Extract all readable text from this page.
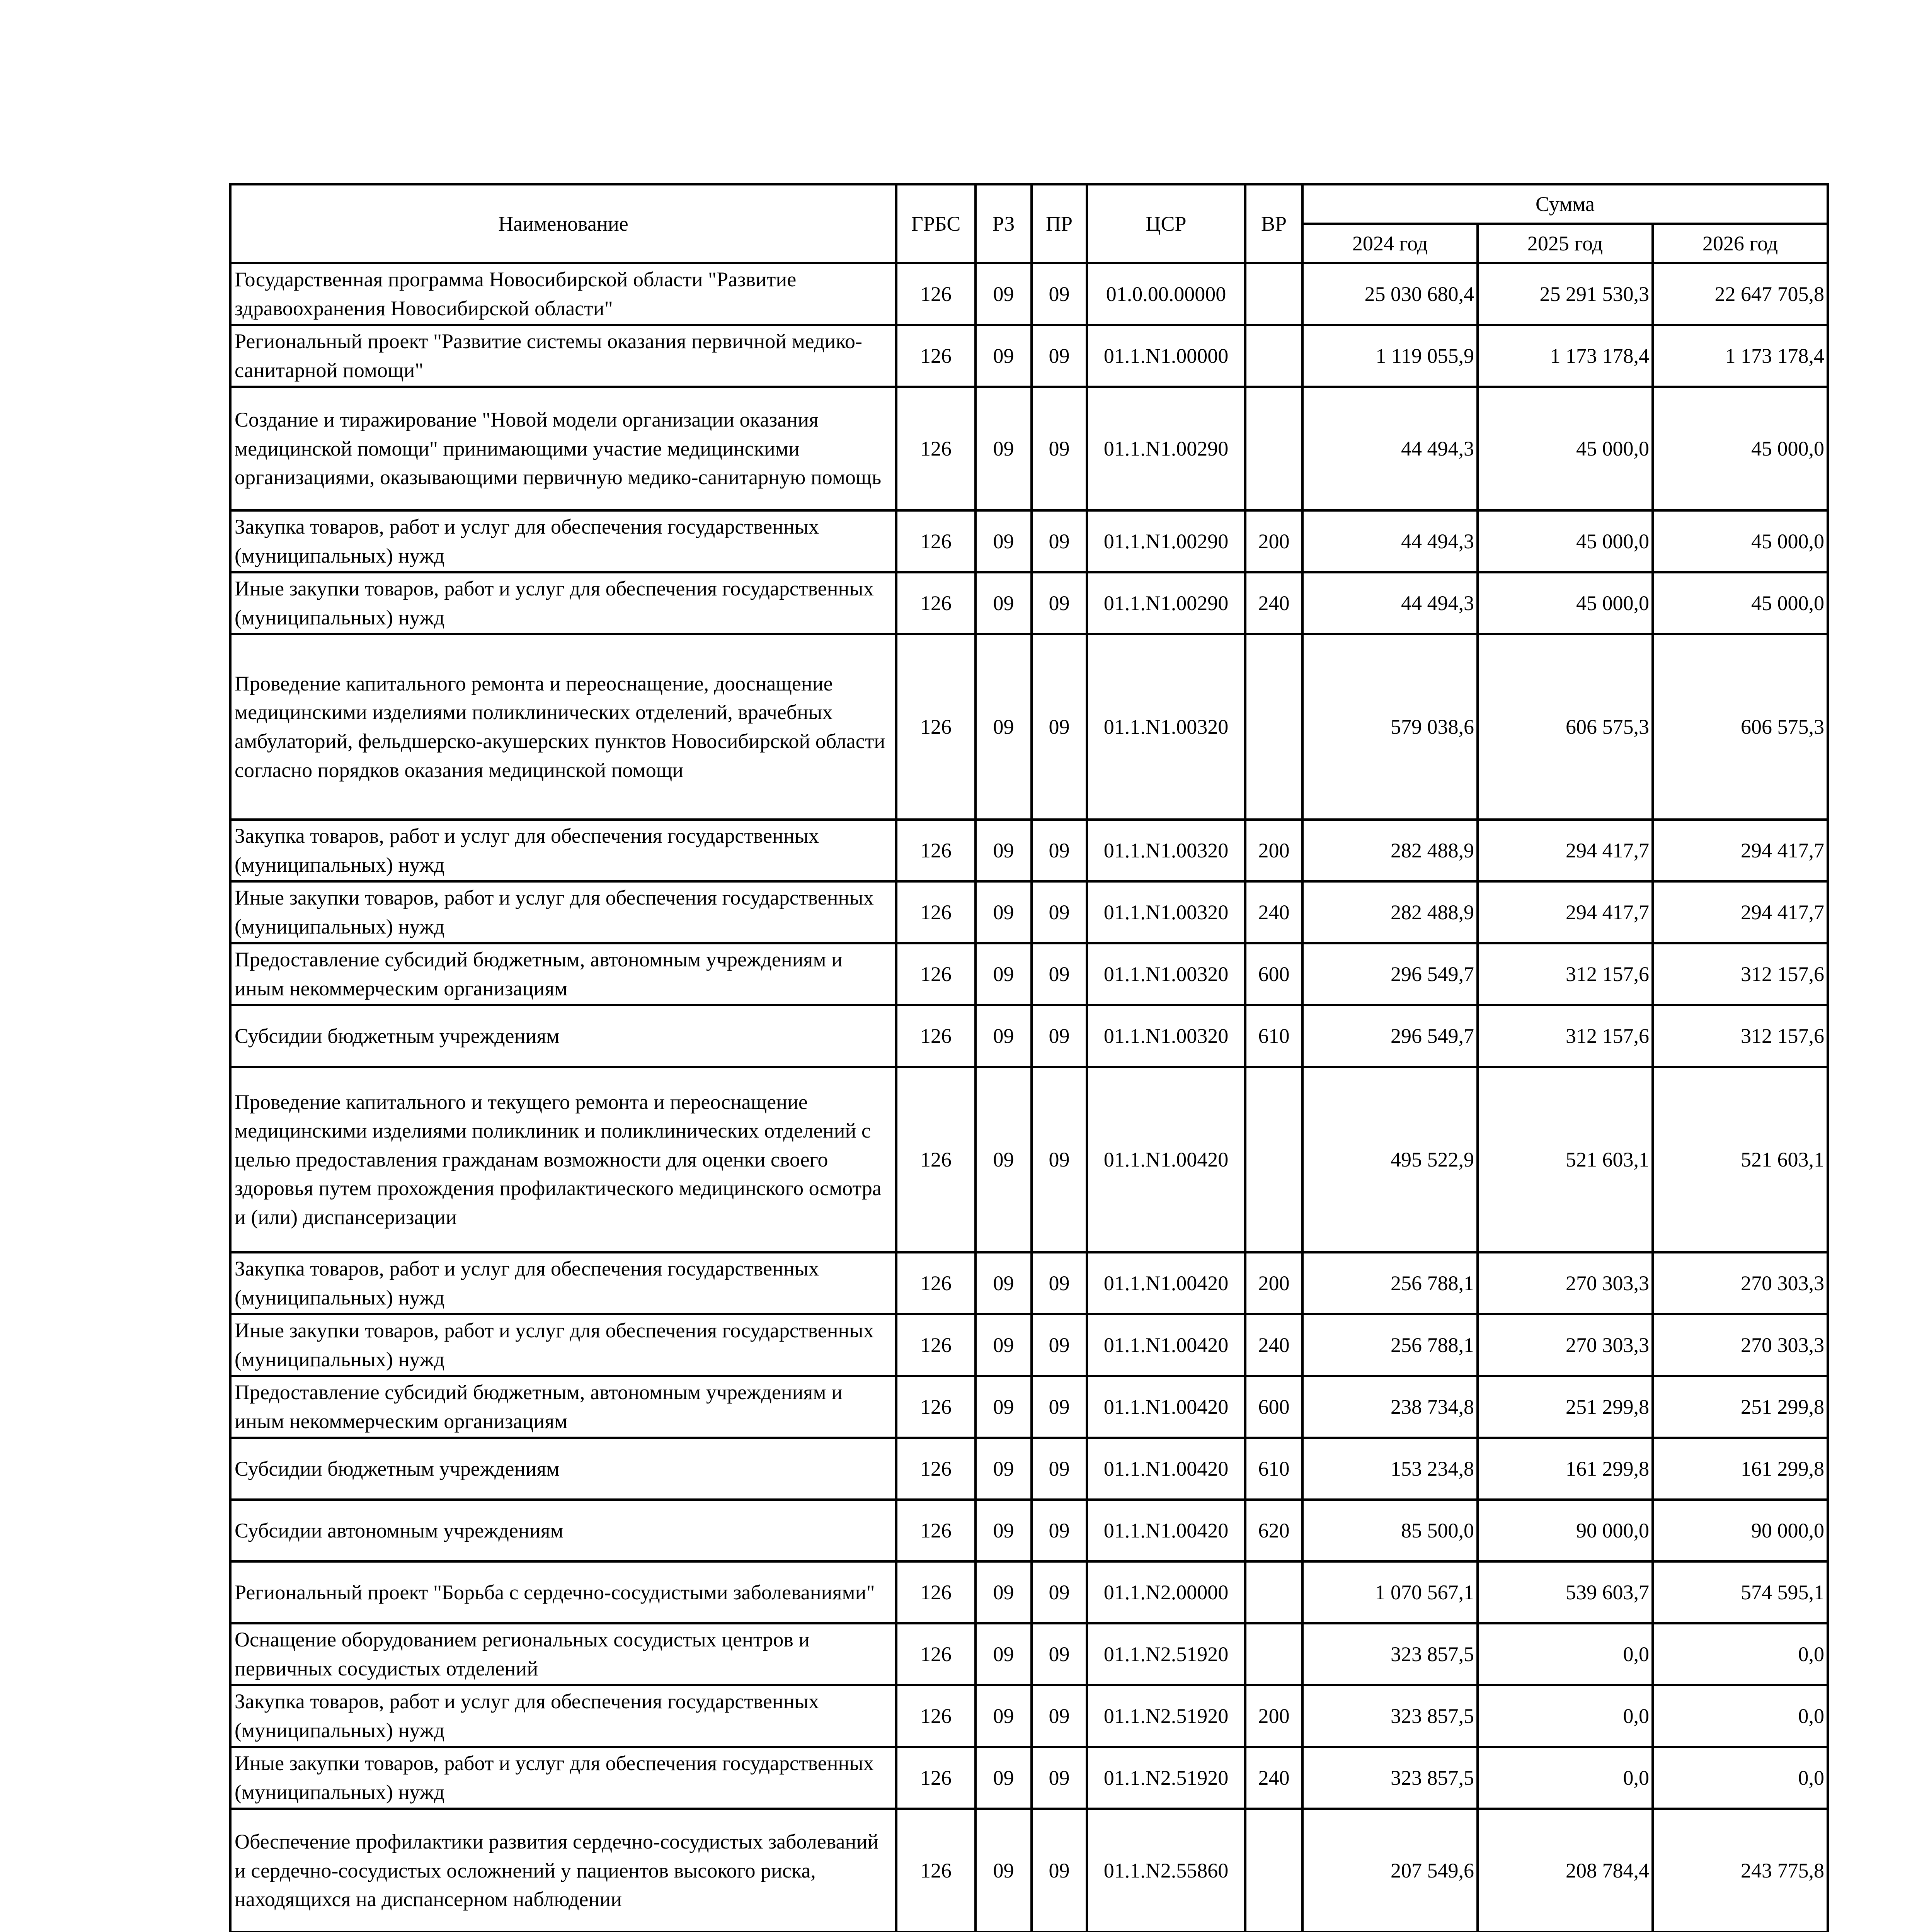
Наименование	ГРБС	РЗ	ПР	ЦСР	ВР	Сумма		
						2024 год	2025 год	2026 год
Государственная программа Новосибирской области "Развитие здравоохранения Новосибирской области"	126	09	09	01.0.00.00000		25 030 680,4	25 291 530,3	22 647 705,8
Региональный проект "Развитие системы оказания первичной медико-санитарной помощи"	126	09	09	01.1.N1.00000		1 119 055,9	1 173 178,4	1 173 178,4
Создание и тиражирование "Новой модели организации оказания медицинской помощи" принимающими участие медицинскими организациями, оказывающими первичную медико-санитарную помощь	126	09	09	01.1.N1.00290		44 494,3	45 000,0	45 000,0
Закупка товаров, работ и услуг для обеспечения государственных (муниципальных) нужд	126	09	09	01.1.N1.00290	200	44 494,3	45 000,0	45 000,0
Иные закупки товаров, работ и услуг для обеспечения государственных (муниципальных) нужд	126	09	09	01.1.N1.00290	240	44 494,3	45 000,0	45 000,0
Проведение капитального ремонта и переоснащение, дооснащение медицинскими изделиями поликлинических отделений, врачебных амбулаторий, фельдшерско-акушерских пунктов Новосибирской области согласно порядков оказания медицинской помощи	126	09	09	01.1.N1.00320		579 038,6	606 575,3	606 575,3
Закупка товаров, работ и услуг для обеспечения государственных (муниципальных) нужд	126	09	09	01.1.N1.00320	200	282 488,9	294 417,7	294 417,7
Иные закупки товаров, работ и услуг для обеспечения государственных (муниципальных) нужд	126	09	09	01.1.N1.00320	240	282 488,9	294 417,7	294 417,7
Предоставление субсидий бюджетным, автономным учреждениям и иным некоммерческим организациям	126	09	09	01.1.N1.00320	600	296 549,7	312 157,6	312 157,6
Субсидии бюджетным учреждениям	126	09	09	01.1.N1.00320	610	296 549,7	312 157,6	312 157,6
Проведение капитального и текущего ремонта и переоснащение медицинскими изделиями поликлиник и поликлинических отделений с целью предоставления гражданам возможности для оценки своего здоровья путем прохождения профилактического медицинского осмотра и (или) диспансеризации	126	09	09	01.1.N1.00420		495 522,9	521 603,1	521 603,1
Закупка товаров, работ и услуг для обеспечения государственных (муниципальных) нужд	126	09	09	01.1.N1.00420	200	256 788,1	270 303,3	270 303,3
Иные закупки товаров, работ и услуг для обеспечения государственных (муниципальных) нужд	126	09	09	01.1.N1.00420	240	256 788,1	270 303,3	270 303,3
Предоставление субсидий бюджетным, автономным учреждениям и иным некоммерческим организациям	126	09	09	01.1.N1.00420	600	238 734,8	251 299,8	251 299,8
Субсидии бюджетным учреждениям	126	09	09	01.1.N1.00420	610	153 234,8	161 299,8	161 299,8
Субсидии автономным учреждениям	126	09	09	01.1.N1.00420	620	85 500,0	90 000,0	90 000,0
Региональный проект "Борьба с сердечно-сосудистыми заболеваниями"	126	09	09	01.1.N2.00000		1 070 567,1	539 603,7	574 595,1
Оснащение оборудованием региональных сосудистых центров и первичных сосудистых отделений	126	09	09	01.1.N2.51920		323 857,5	0,0	0,0
Закупка товаров, работ и услуг для обеспечения государственных (муниципальных) нужд	126	09	09	01.1.N2.51920	200	323 857,5	0,0	0,0
Иные закупки товаров, работ и услуг для обеспечения государственных (муниципальных) нужд	126	09	09	01.1.N2.51920	240	323 857,5	0,0	0,0
Обеспечение профилактики развития сердечно-сосудистых заболеваний и сердечно-сосудистых осложнений у пациентов высокого риска, находящихся на диспансерном наблюдении	126	09	09	01.1.N2.55860		207 549,6	208 784,4	243 775,8
